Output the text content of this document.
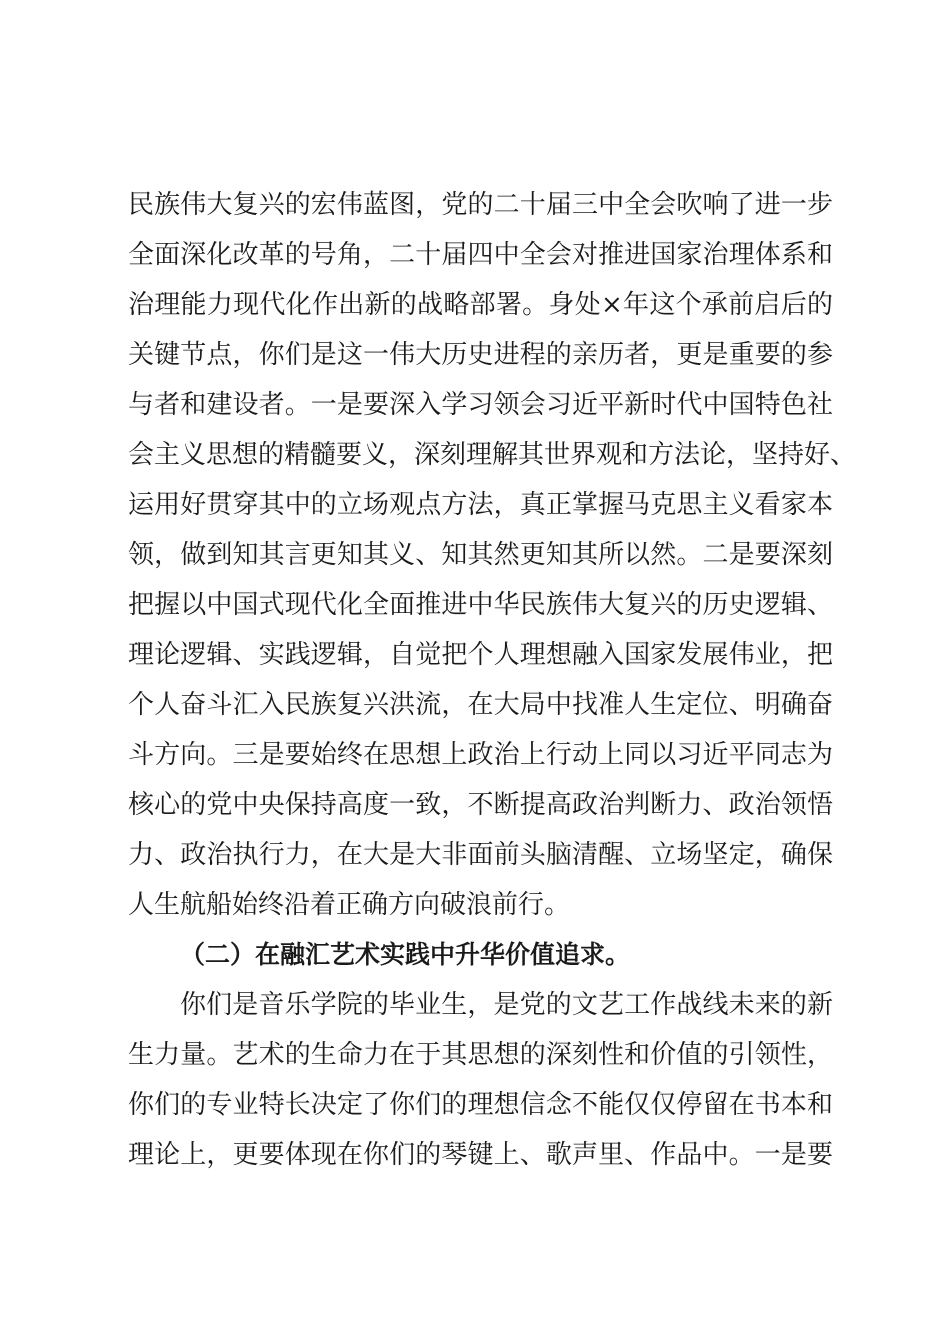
民族伟大复兴的宏伟蓝图，党的二十届三中全会吹响了进一步
全面深化改革的号角，二十届四中全会对推进国家治理体系和
治理能力现代化作出新的战略部署。身处×年这个承前启后的
关键节点，你们是这一伟大历史进程的亲历者，更是重要的参
与者和建设者。一是要深入学习领会习近平新时代中国特色社
会主义思想的精髓要义，深刻理解其世界观和方法论，坚持好、
运用好贯穿其中的立场观点方法，真正掌握马克思主义看家本
领，做到知其言更知其义、知其然更知其所以然。二是要深刻
把握以中国式现代化全面推进中华民族伟大复兴的历史逻辑、
理论逻辑、实践逻辑，自觉把个人理想融入国家发展伟业，把
个人奋斗汇入民族复兴洪流，在大局中找准人生定位、明确奋
斗方向。三是要始终在思想上政治上行动上同以习近平同志为
核心的党中央保持高度一致，不断提高政治判断力、政治领悟
力、政治执行力，在大是大非面前头脑清醒、立场坚定，确保
人生航船始终沿着正确方向破浪前行。
（二）在融汇艺术实践中升华价值追求。
你们是音乐学院的毕业生，是党的文艺工作战线未来的新
生力量。艺术的生命力在于其思想的深刻性和价值的引领性，
你们的专业特长决定了你们的理想信念不能仅仅停留在书本和
理论上，更要体现在你们的琴键上、歌声里、作品中。一是要
